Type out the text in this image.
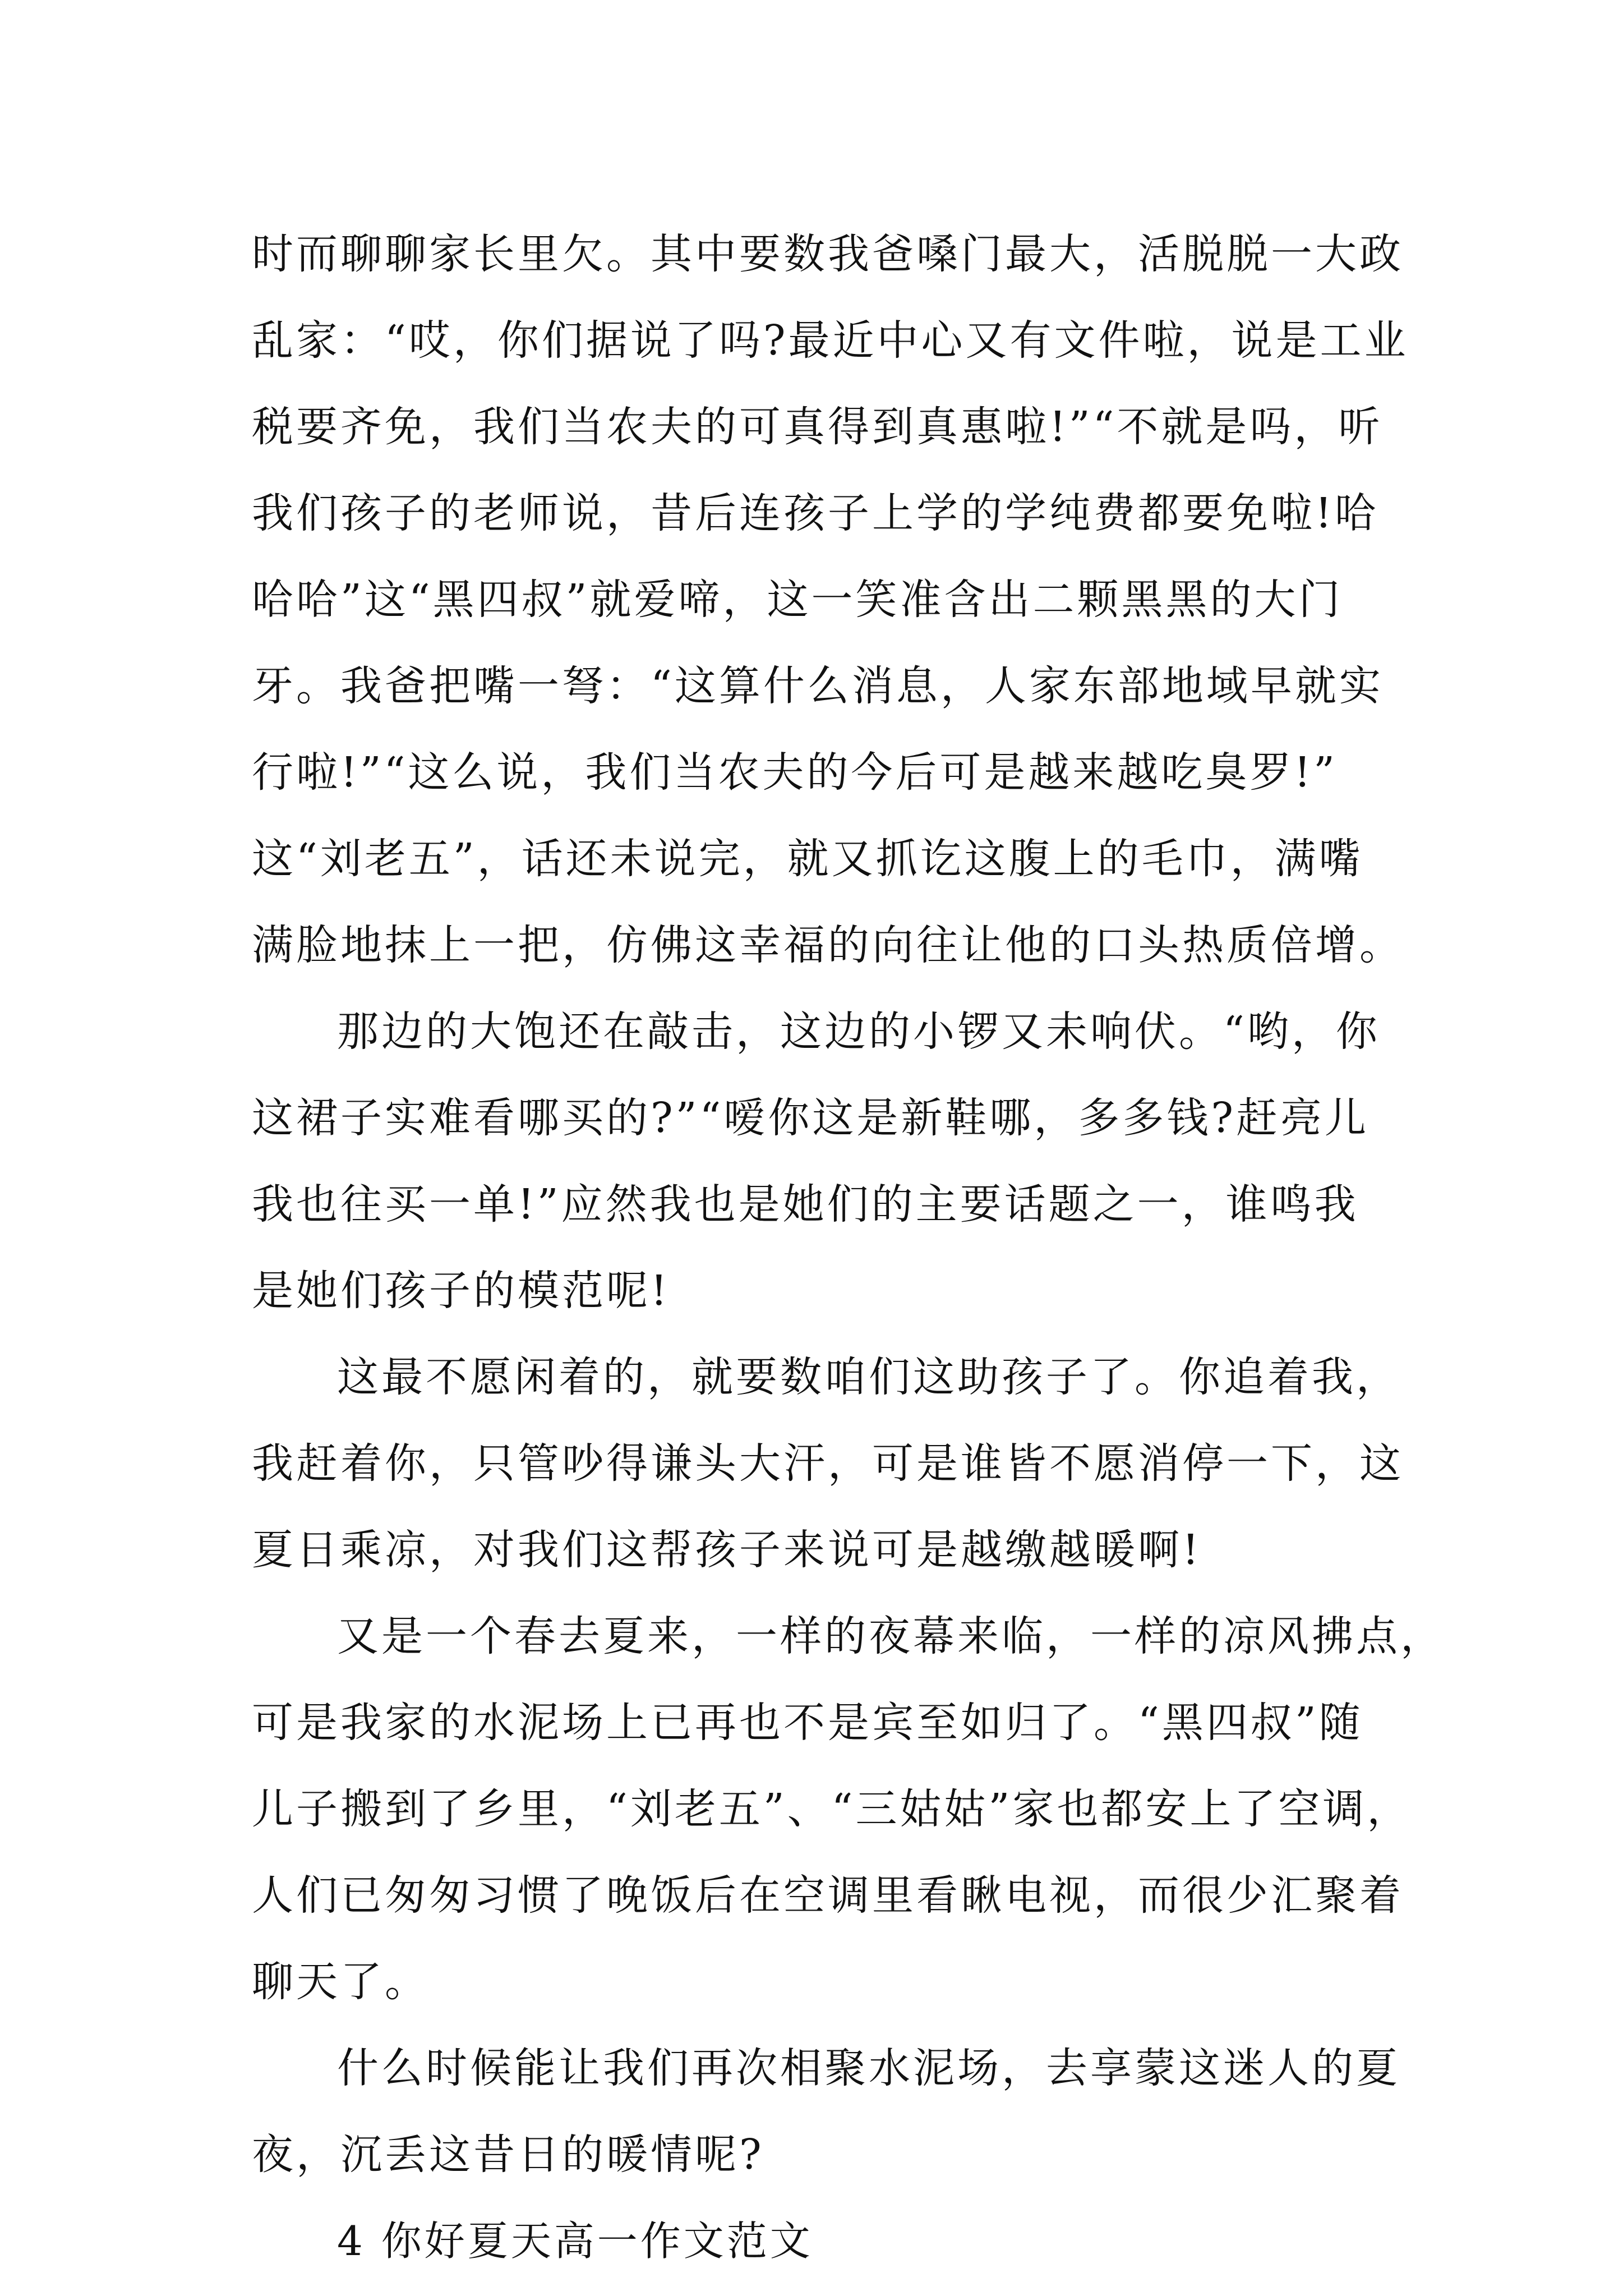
时而聊聊家长里欠。其中要数我爸嗓门最大，活脱脱一大政
乱家：“哎，你们据说了吗?最近中心又有文件啦，说是工业
税要齐免，我们当农夫的可真得到真惠啦!”“不就是吗，听
我们孩子的老师说，昔后连孩子上学的学纯费都要免啦!哈
哈哈”这“黑四叔”就爱啼，这一笑准含出二颗黑黑的大门
牙。我爸把嘴一弩：“这算什么消息，人家东部地域早就实
行啦!”“这么说，我们当农夫的今后可是越来越吃臭罗!”
这“刘老五”，话还未说完，就又抓讫这腹上的毛巾，满嘴
满脸地抹上一把，仿佛这幸福的向往让他的口头热质倍增。
那边的大饱还在敲击，这边的小锣又未响伏。“哟，你
这裙子实难看哪买的?”“嗳你这是新鞋哪，多多钱?赶亮儿
我也往买一单!”应然我也是她们的主要话题之一，谁鸣我
是她们孩子的模范呢!
这最不愿闲着的，就要数咱们这助孩子了。你追着我，
我赶着你，只管吵得谦头大汗，可是谁皆不愿消停一下，这
夏日乘凉，对我们这帮孩子来说可是越缴越暖啊!
又是一个春去夏来，一样的夜幕来临，一样的凉风拂点，
可是我家的水泥场上已再也不是宾至如归了。“黑四叔”随
儿子搬到了乡里，“刘老五”、“三姑姑”家也都安上了空调，
人们已匆匆习惯了晚饭后在空调里看瞅电视，而很少汇聚着
聊天了。
什么时候能让我们再次相聚水泥场，去享蒙这迷人的夏
夜，沉丢这昔日的暖情呢?
4 你好夏天高一作文范文
